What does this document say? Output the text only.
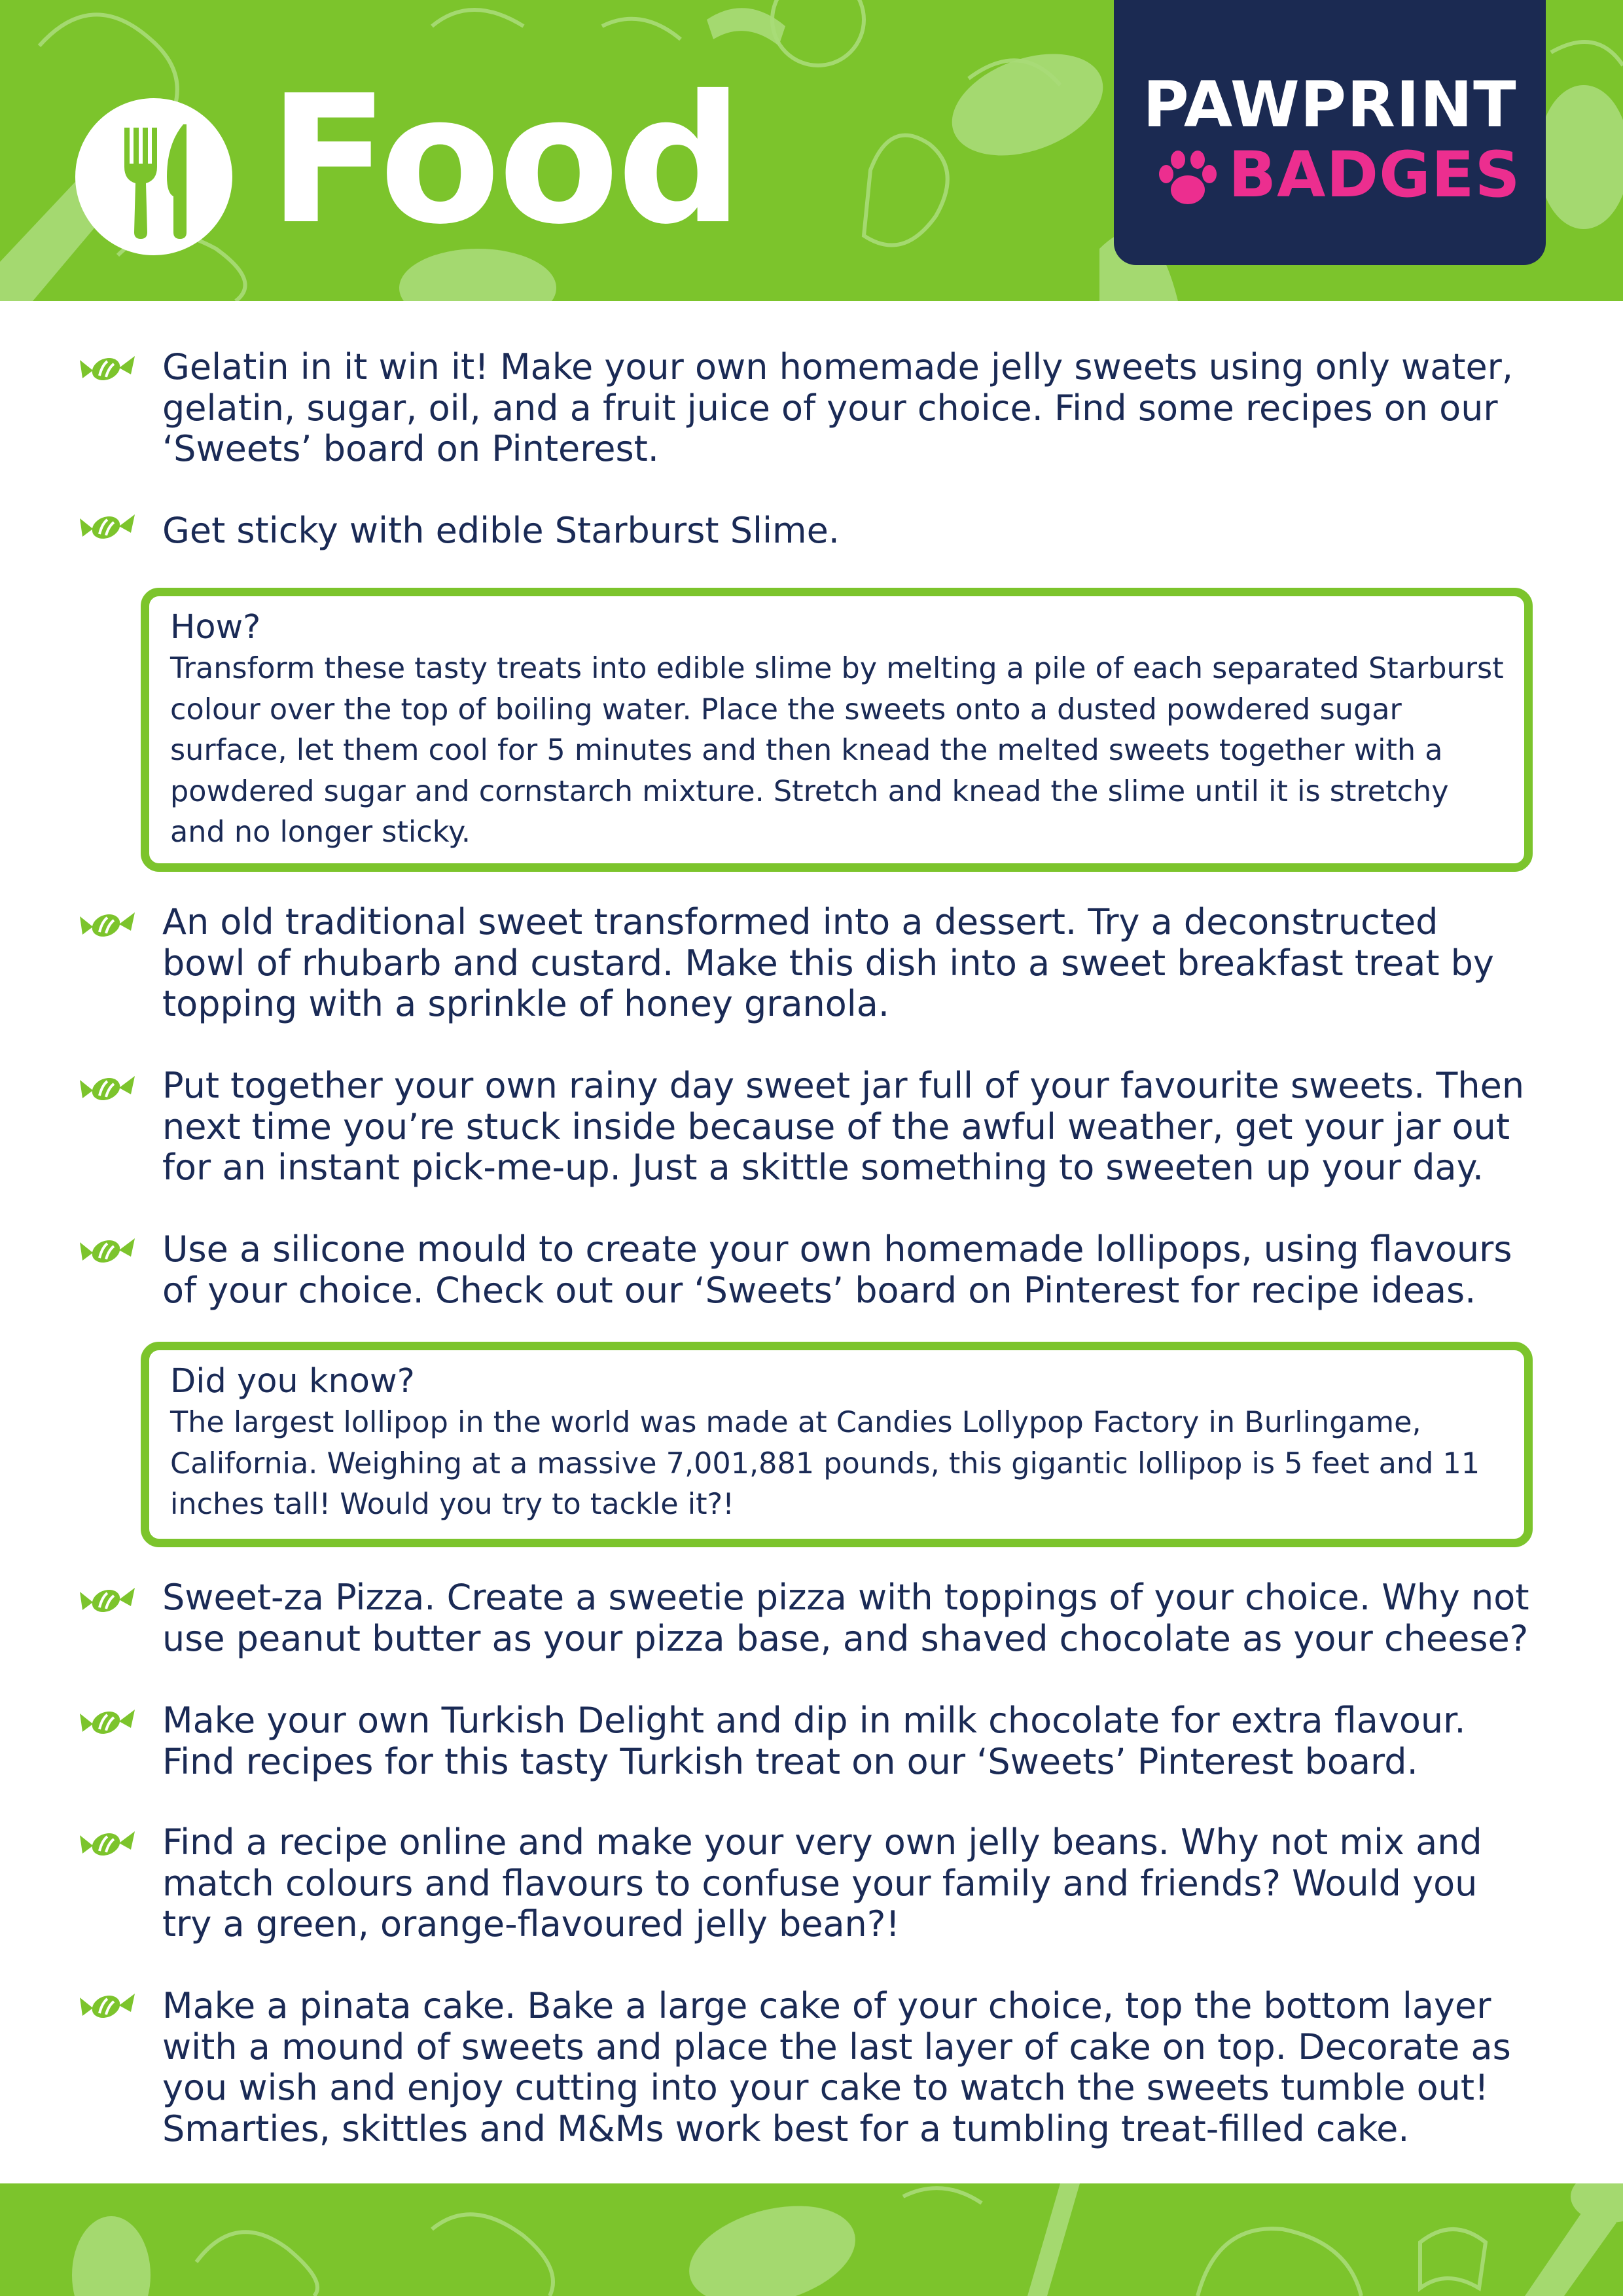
Food	PAWPRINT
BADGES
Gelatin in it win it! Make your own homemade jelly sweets using only water, gelatin, sugar, oil, and a fruit juice of your choice. Find some recipes on our ‘Sweets’ board on Pinterest.
Get sticky with edible Starburst Slime.
How?
Transform these tasty treats into edible slime by melting a pile of each separated Starburst colour over the top of boiling water. Place the sweets onto a dusted powdered sugar surface, let them cool for 5 minutes and then knead the melted sweets together with a powdered sugar and cornstarch mixture. Stretch and knead the slime until it is stretchy and no longer sticky.
An old traditional sweet transformed into a dessert. Try a deconstructed bowl of rhubarb and custard. Make this dish into a sweet breakfast treat by topping with a sprinkle of honey granola.
Put together your own rainy day sweet jar full of your favourite sweets. Then next time you’re stuck inside because of the awful weather, get your jar out for an instant pick-me-up. Just a skittle something to sweeten up your day.
Use a silicone mould to create your own homemade lollipops, using flavours of your choice. Check out our ‘Sweets’ board on Pinterest for recipe ideas.
Did you know?
The largest lollipop in the world was made at Candies Lollypop Factory in Burlingame, California. Weighing at a massive 7,001,881 pounds, this gigantic lollipop is 5 feet and 11 inches tall! Would you try to tackle it?!
Sweet-za Pizza. Create a sweetie pizza with toppings of your choice. Why not use peanut butter as your pizza base, and shaved chocolate as your cheese?
Make your own Turkish Delight and dip in milk chocolate for extra flavour. Find recipes for this tasty Turkish treat on our ‘Sweets’ Pinterest board.
Find a recipe online and make your very own jelly beans. Why not mix and match colours and flavours to confuse your family and friends? Would you try a green, orange-flavoured jelly bean?!
Make a pinata cake. Bake a large cake of your choice, top the bottom layer with a mound of sweets and place the last layer of cake on top. Decorate as you wish and enjoy cutting into your cake to watch the sweets tumble out! Smarties, skittles and M&Ms work best for a tumbling treat-filled cake.
